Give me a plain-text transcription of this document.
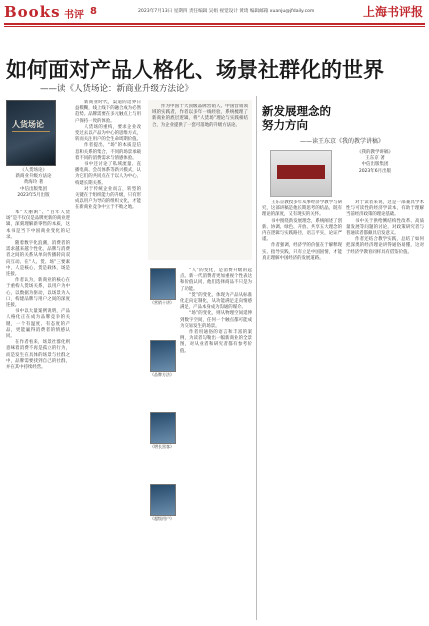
Books 书评 8	2023年7月13日 星期四 责任编辑 吴娟 视觉设计 黄琦 编辑邮箱 xuanju@jfdaily.com	上海书评报
如何面对产品人格化、场景社群化的世界
——读《人货场论：新商业升级方法论》
人货场论
《人货场论》
新商业升级方法论
黄海玲 著
中信出版集团
2023年5月出版

本“天丽闲”、“百年人货场”是不仅仅是品牌更新的商业逻辑，深刻理解新零售的本质，这本书是当下中国商业变化的记录。

随着数字化浪潮，消费者的需求越来越个性化，品牌与消费者之间的关系从单向传播转向双向互动。在“人、货、场”三要素中，人是核心，货是载体，场是连接。

作者认为，新商业的核心在于重构人货场关系，以用户为中心，以数据为驱动，以场景为入口，构建品牌与用户之间的深度连接。

书中以大量案例说明，产品人格化正在成为品牌竞争的关键，一个有温度、有态度的产品，更能赢得消费者的情感认同。

在作者看来，场景社群化则意味着消费不再是孤立的行为，而是发生在具体的场景与社群之中，品牌需要找到自己的社群，并在其中持续经营。

新商业时代，渠道的边界日益模糊，线上线下的融合成为必然趋势。品牌需要在多元触点上与用户保持一致的体验。

人货场的重构，要求企业改变过去以产品为中心的思维方式，转而关注用户的全生命周期价值。

作者提出，“场”的本质是信息和关系的集合，不同的场景承载着不同的消费需求与情感体验。

书中还讨论了私域流量、直播电商、会员体系等新兴模式，认为它们的共同点在于以人为中心，构建长期关系。

对于传统企业而言，转型的关键在于组织能力的升级，只有形成以用户为导向的组织文化，才能在新商业竞争中立于不败之地。

作为中国十大顶级品牌营销人、中国营销领域的实践者，作者以多年一线经验，系统梳理了新商业的底层逻辑，将“人货场”理论与实践相结合，为企业提供了一套可落地的升级方法论。

《营销十讲》
《品牌方法》
《增长黑客》
《超级用户》

“人”的变化，是消费升级的起点。新一代消费者更加重视个性表达和价值认同，他们选择商品不只是为了功能。

“货”的变化，体现为产品从标准化走向定制化，从功能满足走向情感满足，产品本身成为沟通的媒介。

“场”的变化，则从物理空间延伸到数字空间，任何一个触点都可能成为交易发生的场景。

作者用通俗的语言和丰富的案例，为读者勾勒出一幅新商业的全景图，对从业者和研究者都有参考价值。

新发展理念的
努力方向
——读王东京《我的教学讲稿》
《我的教学讲稿》
王东京 著
中信出版集团
2023年6月出版

王东京教授多年从事经济学教学与研究，这部讲稿是他长期思考的结晶，既有理论的深度，又有现实的关怀。

书中围绕新发展理念，系统阐述了创新、协调、绿色、开放、共享五大理念的内在逻辑与实践路径，语言平实，论证严谨。

作者强调，经济学的价值在于解释现实、指导实践，只有立足中国国情，才能真正理解中国经济的发展道路。

对于读者来说，这是一部兼具学术性与可读性的经济学读本，有助于理解当前经济政策的理论基础。

书中关于供给侧结构性改革、高质量发展等问题的讨论，对政策研究者与普通读者都颇具启发意义。

作者还结合教学实践，总结了如何把深奥的经济理论讲得通俗易懂，这对于经济学教育同样具有借鉴价值。
